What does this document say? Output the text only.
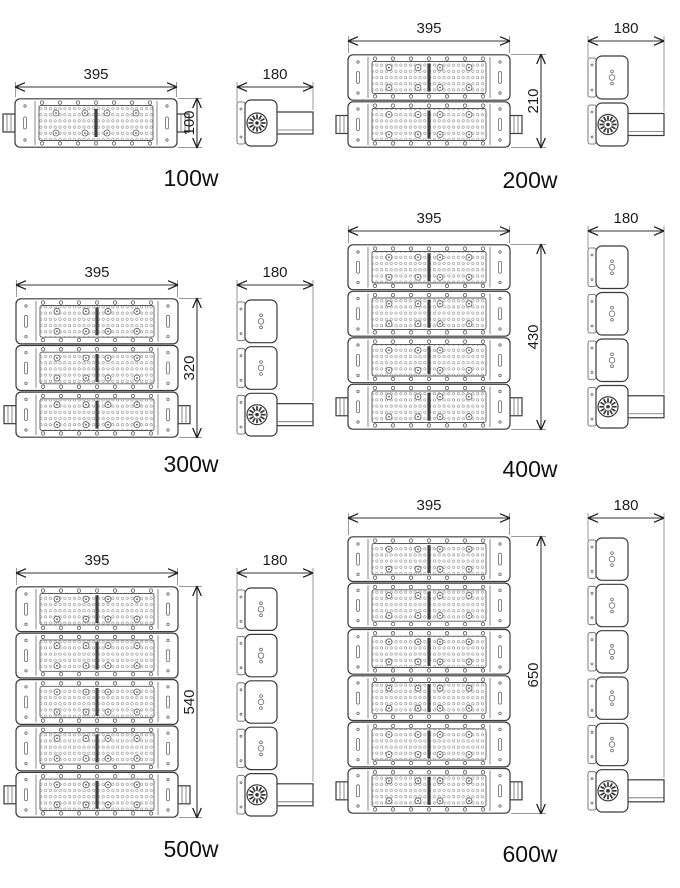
395
100
180
100w
395
210
180
200w
395
320
180
300w
395
430
180
400w
395
540
180
500w
395
650
180
600w
